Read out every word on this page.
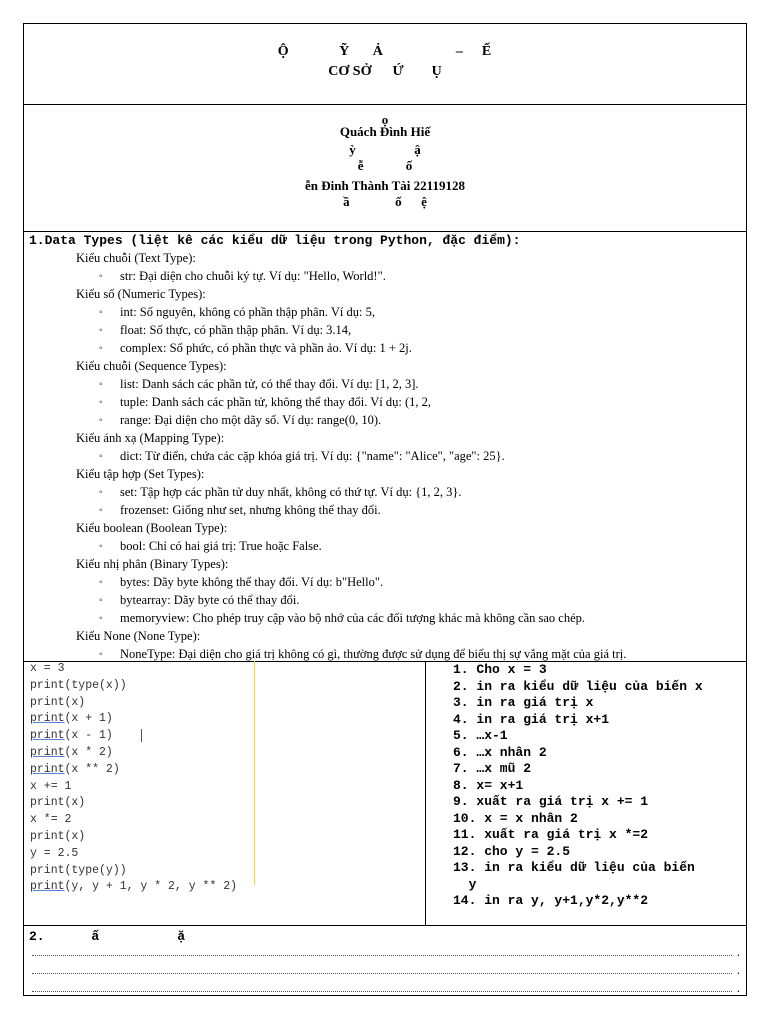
Ộ           Ỹ     Ả                –    Ể
CƠ SỞ      Ứ        Ụ
ọ
Quách Đình Hiế
ỳ                  ậ
ễ             ố
ễn Đinh Thành Tài 22119128
ầ              ố      ệ
1.Data Types (liệt kê các kiểu dữ liệu trong Python, đặc điểm):
Kiểu chuỗi (Text Type):
◦ str: Đại diện cho chuỗi ký tự. Ví dụ: "Hello, World!".
Kiểu số (Numeric Types):
◦ int: Số nguyên, không có phần thập phân. Ví dụ: 5,
◦ float: Số thực, có phần thập phân. Ví dụ: 3.14,
◦ complex: Số phức, có phần thực và phần ảo. Ví dụ: 1 + 2j.
Kiểu chuỗi (Sequence Types):
◦ list: Danh sách các phần tử, có thể thay đổi. Ví dụ: [1, 2, 3].
◦ tuple: Danh sách các phần tử, không thể thay đổi. Ví dụ: (1, 2,
◦ range: Đại diện cho một dãy số. Ví dụ: range(0, 10).
Kiểu ánh xạ (Mapping Type):
◦ dict: Từ điển, chứa các cặp khóa giá trị. Ví dụ: {"name": "Alice", "age": 25}.
Kiểu tập hợp (Set Types):
◦ set: Tập hợp các phần tử duy nhất, không có thứ tự. Ví dụ: {1, 2, 3}.
◦ frozenset: Giống như set, nhưng không thể thay đổi.
Kiểu boolean (Boolean Type):
◦ bool: Chỉ có hai giá trị: True hoặc False.
Kiểu nhị phân (Binary Types):
◦ bytes: Dãy byte không thể thay đổi. Ví dụ: b"Hello".
◦ bytearray: Dãy byte có thể thay đổi.
◦ memoryview: Cho phép truy cập vào bộ nhớ của các đối tượng khác mà không cần sao chép.
Kiểu None (None Type):
◦ NoneType: Đại diện cho giá trị không có gì, thường được sử dụng để biểu thị sự vắng mặt của giá trị.
x = 3
print(type(x))
print(x)
print(x + 1)
print(x - 1)
print(x * 2)
print(x ** 2)
x += 1
print(x)
x *= 2
print(x)
y = 2.5
print(type(y))
print(y, y + 1, y * 2, y ** 2)
1. Cho x = 3
2. in ra kiểu dữ liệu của biến x
3. in ra giá trị x
4. in ra giá trị x+1
5. …x-1
6. …x nhân 2
7. …x mũ 2
8. x= x+1
9. xuất ra giá trị x += 1
10. x = x nhân 2
11. xuất ra giá trị x *=2
12. cho y = 2.5
13. in ra kiểu dữ liệu của biến
y
14. in ra y, y+1,y*2,y**2
2.      ấ          ặ
.
.
.
